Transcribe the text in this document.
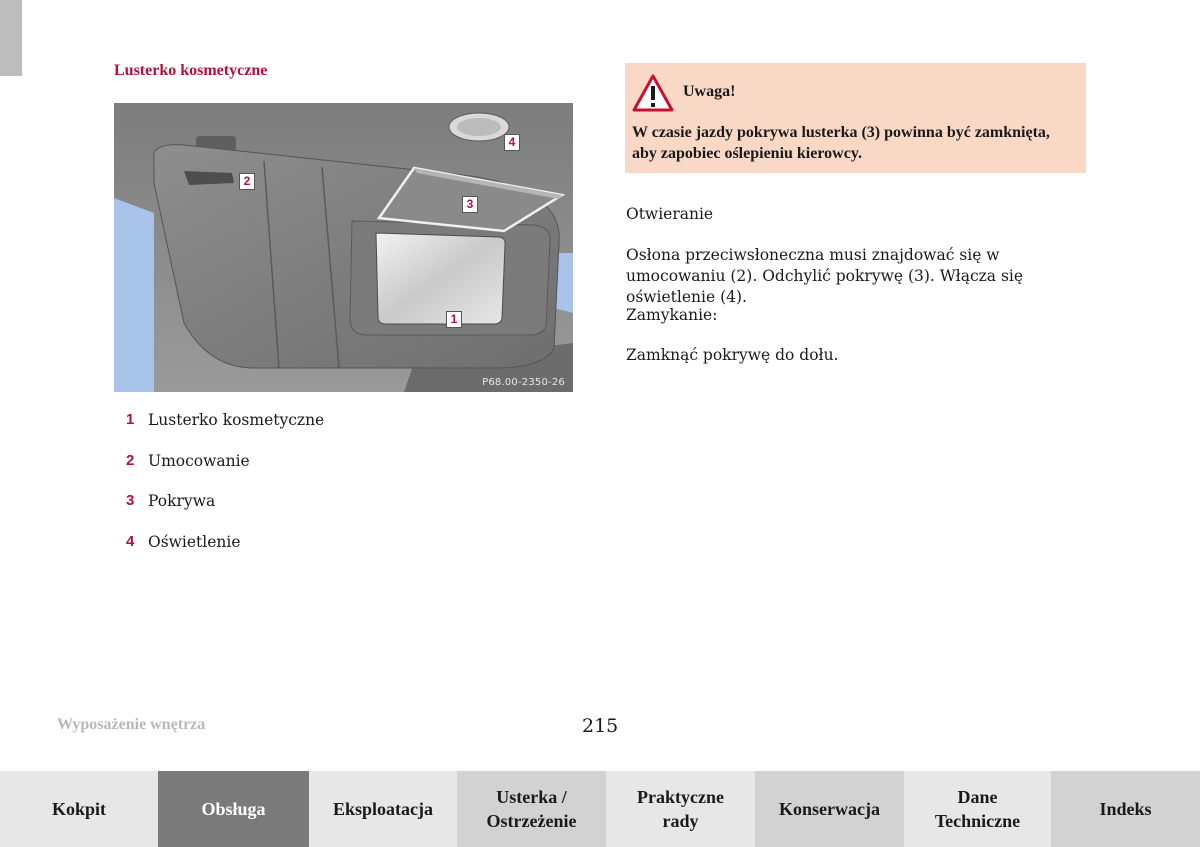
Lusterko kosmetyczne
4
2
3
1
P68.00-2350-26
1 Lusterko kosmetyczne
2 Umocowanie
3 Pokrywa
4 Oświetlenie
Uwaga!

W czasie jazdy pokrywa lusterka (3) powinna być zamknięta, aby zapobiec oślepieniu kierowcy.

Otwieranie

Osłona przeciwsłoneczna musi znajdować się w umocowaniu (2). Odchylić pokrywę (3). Włącza się oświetlenie (4).

Zamykanie:

Zamknąć pokrywę do dołu.

Wyposażenie wnętrza	215
Kokpit	Obsługa	Eksploatacja
Usterka /
Ostrzeżenie
Praktyczne
rady
Konserwacja
Dane
Techniczne
Indeks
